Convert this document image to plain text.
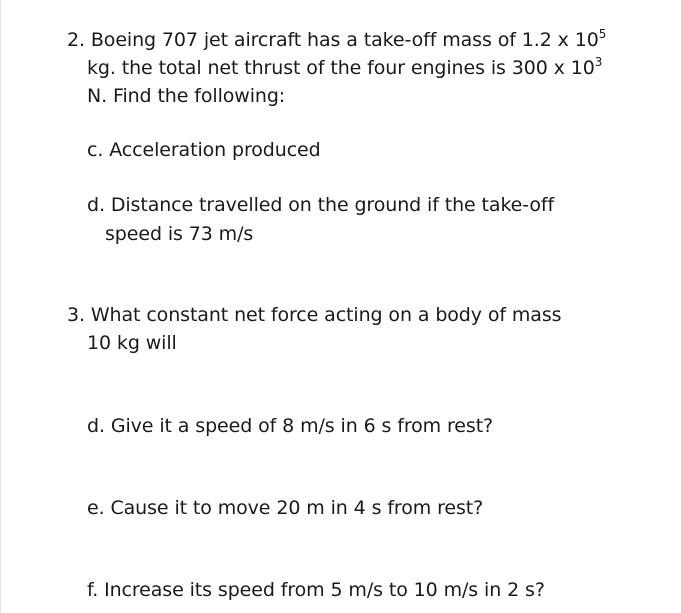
2. Boeing 707 jet aircraft has a take-off mass of 1.2 x $10^5$
kg. the total net thrust of the four engines is 300 x $10^3$
N. Find the following:
c. Acceleration produced
d. Distance travelled on the ground if the take-off
speed is 73 m/s
3. What constant net force acting on a body of mass
10 kg will
d. Give it a speed of 8 m/s in 6 s from rest?
e. Cause it to move 20 m in 4 s from rest?
f. Increase its speed from 5 m/s to 10 m/s in 2 s?
